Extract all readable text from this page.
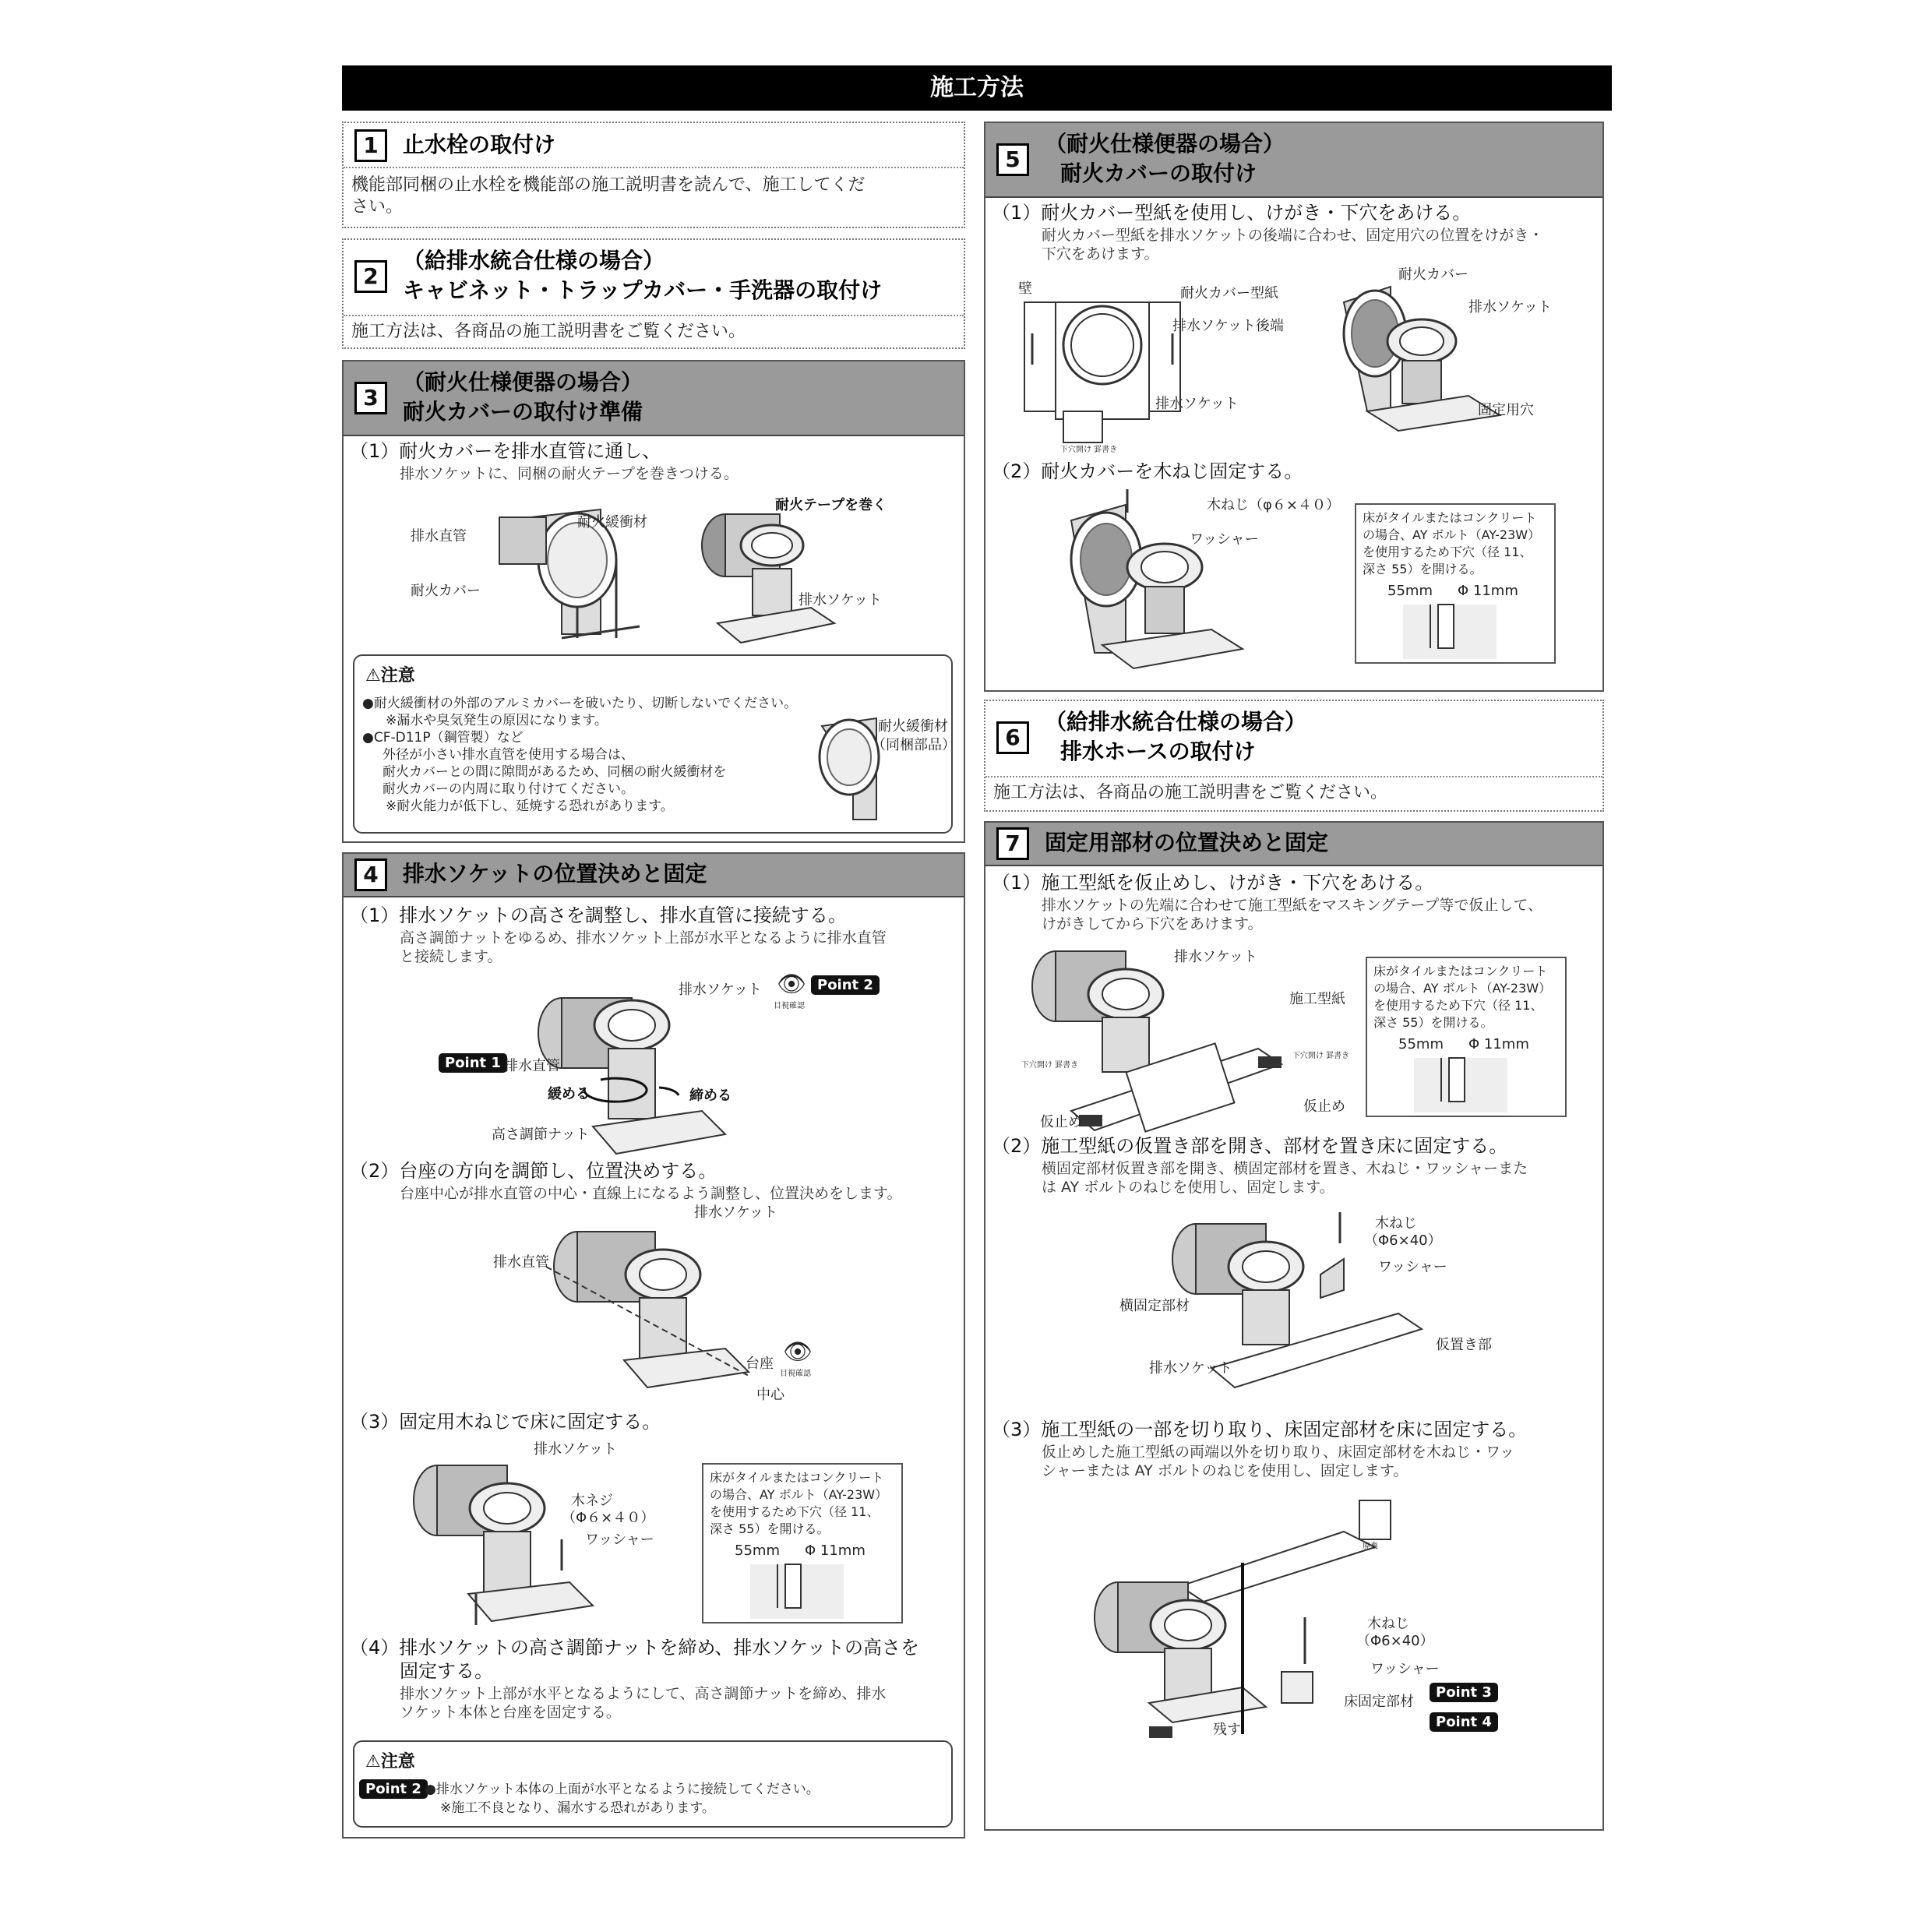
施工方法
1	止水栓の取付け
機能部同梱の止水栓を機能部の施工説明書を読んで、施工してくだ
さい。
2
（給排水統合仕様の場合）
キャビネット・トラップカバー・手洗器の取付け
施工方法は、各商品の施工説明書をご覧ください。
3
（耐火仕様便器の場合）
耐火カバーの取付け準備
（1）耐火カバーを排水直管に通し、
排水ソケットに、同梱の耐火テープを巻きつける。
排水直管
耐火緩衝材
耐火カバー
耐火テープを巻く
排水ソケット
⚠注意
●耐火緩衝材の外部のアルミカバーを破いたり、切断しないでください。
※漏水や臭気発生の原因になります。
●CF-D11P（鋼管製）など
外径が小さい排水直管を使用する場合は、
耐火カバーとの間に隙間があるため、同梱の耐火緩衝材を
耐火カバーの内周に取り付けてください。
※耐火能力が低下し、延焼する恐れがあります。
耐火緩衝材
（同梱部品）
4	排水ソケットの位置決めと固定
（1）排水ソケットの高さを調整し、排水直管に接続する。
高さ調節ナットをゆるめ、排水ソケット上部が水平となるように排水直管
と接続します。
排水ソケット 👁
目視確認
Point 2
Point 1 排水直管
緩める	締める
高さ調節ナット
（2）台座の方向を調節し、位置決めする。
台座中心が排水直管の中心・直線上になるよう調整し、位置決めをします。
排水ソケット
排水直管
台座 👁
目視確認
中心
（3）固定用木ねじで床に固定する。
排水ソケット
木ネジ
（Φ６×４０）
ワッシャー
床がタイルまたはコンクリート
の場合、AY ボルト（AY-23W）
を使用するため下穴（径 11、
深さ 55）を開ける。
55mm Φ 11mm
（4）排水ソケットの高さ調節ナットを締め、排水ソケットの高さを
固定する。
排水ソケット上部が水平となるようにして、高さ調節ナットを締め、排水
ソケット本体と台座を固定する。
⚠注意
Point 2 ●排水ソケット本体の上面が水平となるように接続してください。
※施工不良となり、漏水する恐れがあります。
5
（耐火仕様便器の場合）
耐火カバーの取付け
（1）耐火カバー型紙を使用し、けがき・下穴をあける。
耐火カバー型紙を排水ソケットの後端に合わせ、固定用穴の位置をけがき・
下穴をあけます。
壁	耐火カバー型紙
排水ソケット後端
排水ソケット
下穴開け 罫書き
耐火カバー
排水ソケット
固定用穴
（2）耐火カバーを木ねじ固定する。
木ねじ（φ６×４０）
ワッシャー
床がタイルまたはコンクリート
の場合、AY ボルト（AY-23W）
を使用するため下穴（径 11、
深さ 55）を開ける。
55mm Φ 11mm
6
（給排水統合仕様の場合）
排水ホースの取付け
施工方法は、各商品の施工説明書をご覧ください。
7	固定用部材の位置決めと固定
（1）施工型紙を仮止めし、けがき・下穴をあける。
排水ソケットの先端に合わせて施工型紙をマスキングテープ等で仮止して、
けがきしてから下穴をあけます。
排水ソケット
施工型紙
下穴開け 罫書き
下穴開け 罫書き
仮止め
仮止め
床がタイルまたはコンクリート
の場合、AY ボルト（AY-23W）
を使用するため下穴（径 11、
深さ 55）を開ける。
55mm Φ 11mm
（2）施工型紙の仮置き部を開き、部材を置き床に固定する。
横固定部材仮置き部を開き、横固定部材を置き、木ねじ・ワッシャーまた
は AY ボルトのねじを使用し、固定します。
木ねじ
（Φ6×40）
ワッシャー
横固定部材
仮置き部
排水ソケット
（3）施工型紙の一部を切り取り、床固定部材を床に固定する。
仮止めした施工型紙の両端以外を切り取り、床固定部材を木ねじ・ワッ
シャーまたは AY ボルトのねじを使用し、固定します。
廃棄
木ねじ
（Φ6×40）
ワッシャー
床固定部材
Point 3
Point 4
残す
